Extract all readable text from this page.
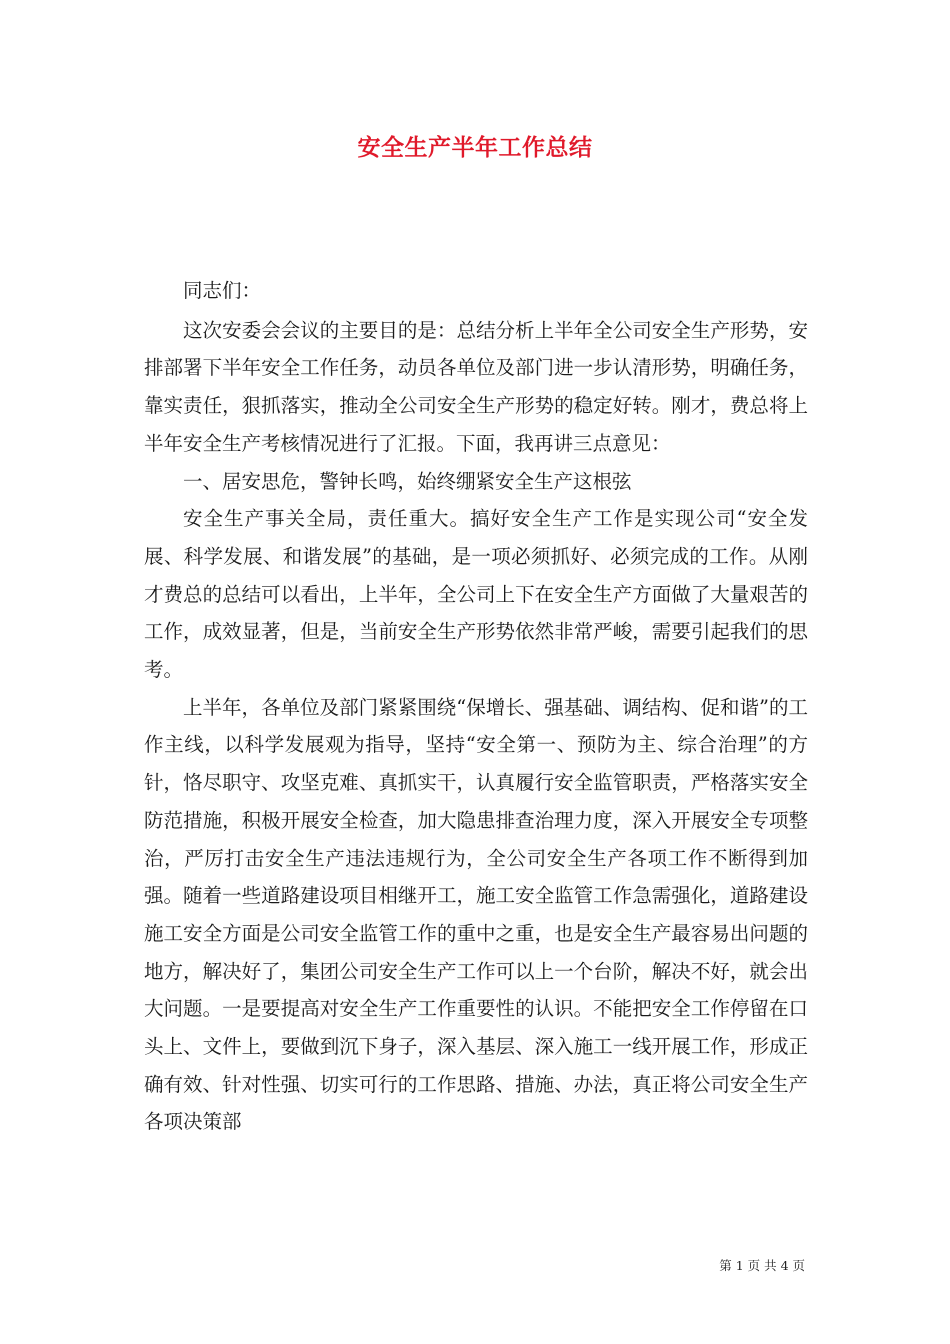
安全生产半年工作总结

同志们：

这次安委会会议的主要目的是：总结分析上半年全公司安全生产形势，安排部署下半年安全工作任务，动员各单位及部门进一步认清形势，明确任务，靠实责任，狠抓落实，推动全公司安全生产形势的稳定好转。刚才，费总将上半年安全生产考核情况进行了汇报。下面，我再讲三点意见：

一、居安思危，警钟长鸣，始终绷紧安全生产这根弦

安全生产事关全局，责任重大。搞好安全生产工作是实现公司“安全发展、科学发展、和谐发展”的基础，是一项必须抓好、必须完成的工作。从刚才费总的总结可以看出，上半年，全公司上下在安全生产方面做了大量艰苦的工作，成效显著，但是，当前安全生产形势依然非常严峻，需要引起我们的思考。

上半年，各单位及部门紧紧围绕“保增长、强基础、调结构、促和谐”的工作主线，以科学发展观为指导，坚持“安全第一、预防为主、综合治理”的方针，恪尽职守、攻坚克难、真抓实干，认真履行安全监管职责，严格落实安全防范措施，积极开展安全检查，加大隐患排查治理力度，深入开展安全专项整治，严厉打击安全生产违法违规行为，全公司安全生产各项工作不断得到加强。随着一些道路建设项目相继开工，施工安全监管工作急需强化，道路建设施工安全方面是公司安全监管工作的重中之重，也是安全生产最容易出问题的地方，解决好了，集团公司安全生产工作可以上一个台阶，解决不好，就会出大问题。一是要提高对安全生产工作重要性的认识。不能把安全工作停留在口头上、文件上，要做到沉下身子，深入基层、深入施工一线开展工作，形成正确有效、针对性强、切实可行的工作思路、措施、办法，真正将公司安全生产各项决策部

第 1 页 共 4 页
